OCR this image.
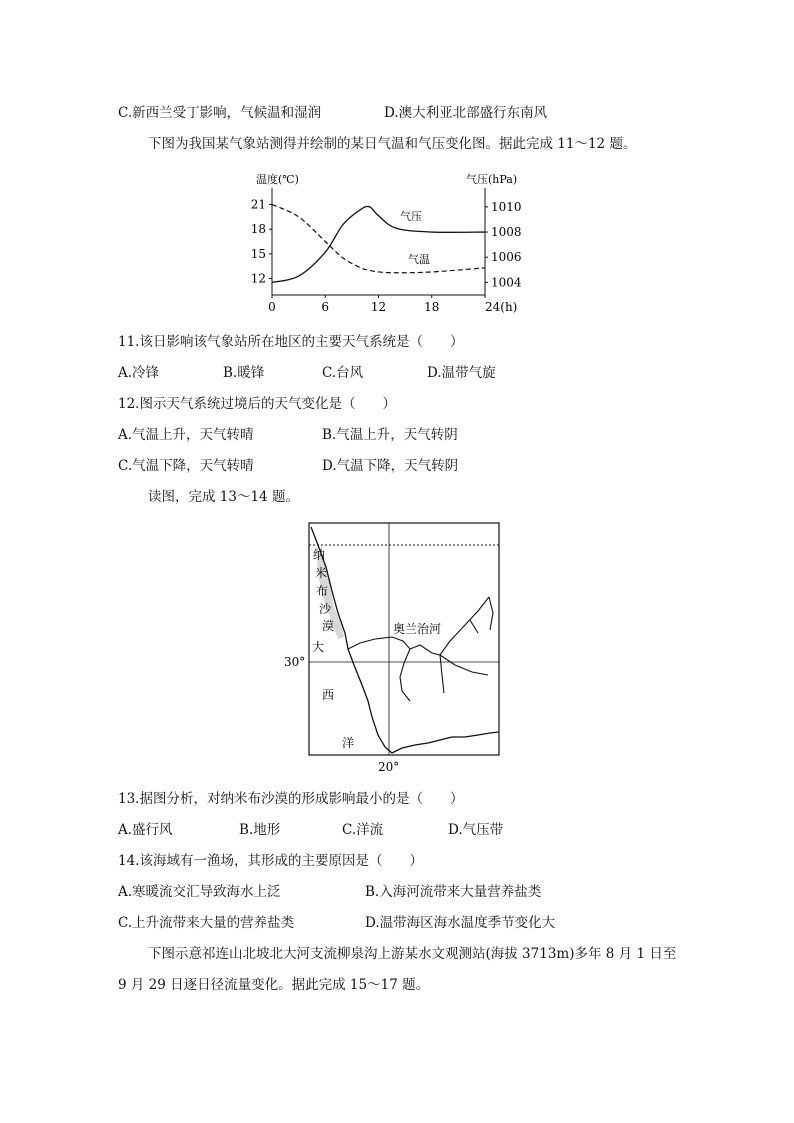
C.新西兰受丁影响，气候温和湿润	D.澳大利亚北部盛行东南风
下图为我国某气象站测得并绘制的某日气温和气压变化图。据此完成 11～12 题。
温度(℃)	气压(hPa)
21
18
15
12
1010
1008
1006
1004
0	6	12	18	24(h)
气压
气温
11.该日影响该气象站所在地区的主要天气系统是（　　）
A.冷锋	B.暖锋	C.台风	D.温带气旋
12.图示天气系统过境后的天气变化是（　　）
A.气温上升，天气转晴	B.气温上升，天气转阴
C.气温下降，天气转晴	D.气温下降，天气转阴
读图，完成 13～14 题。
纳
米
布
沙
漠
大
西
洋
奥兰治河
30°
20°
13.据图分析，对纳米布沙漠的形成影响最小的是（　　）
A.盛行风	B.地形	C.洋流	D.气压带
14.该海域有一渔场，其形成的主要原因是（　　）
A.寒暖流交汇导致海水上泛	B.入海河流带来大量营养盐类
C.上升流带来大量的营养盐类	D.温带海区海水温度季节变化大
下图示意祁连山北坡北大河支流柳泉沟上游某水文观测站(海拔 3713m)多年 8 月 1 日至
9 月 29 日逐日径流量变化。据此完成 15～17 题。
